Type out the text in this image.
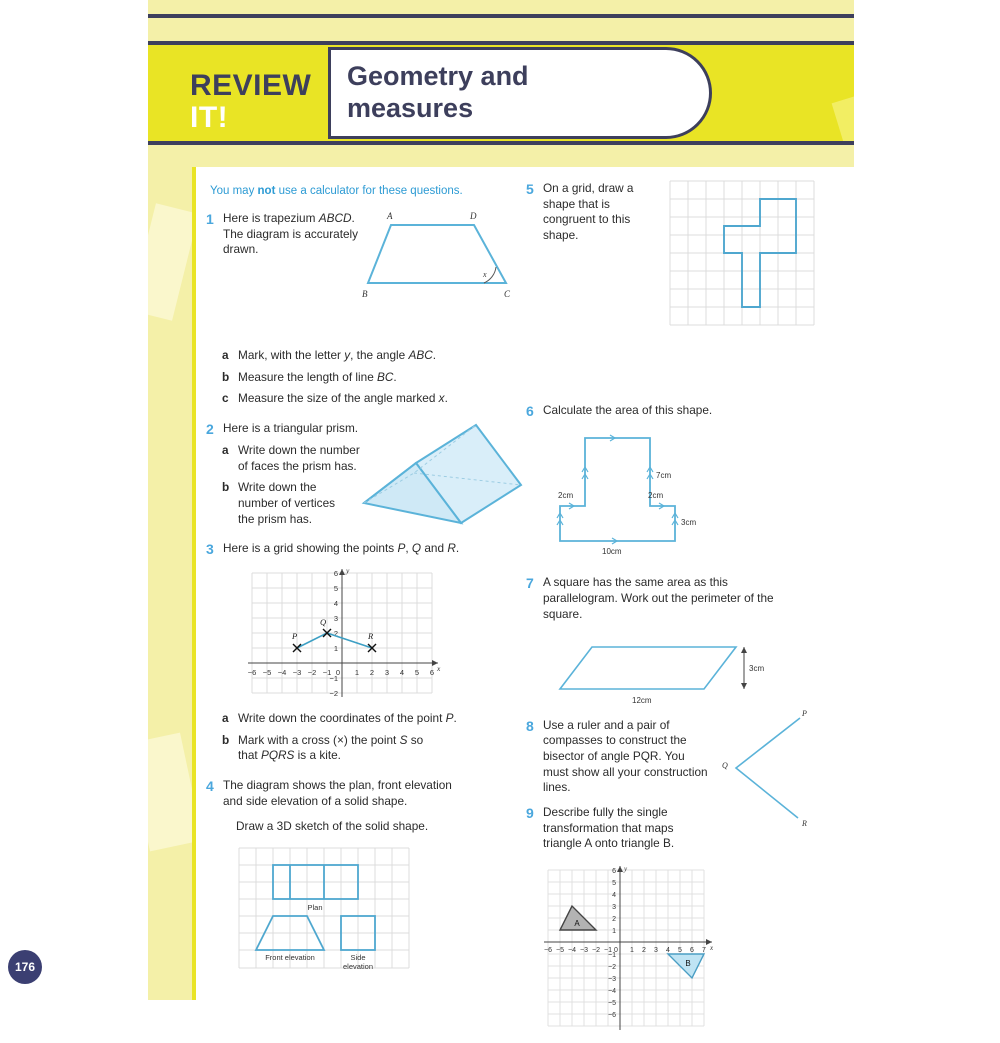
REVIEW
IT!
Geometry and
measures
You may not use a calculator for these questions.
1 Here is trapezium ABCD. The diagram is accurately drawn.
A	D
B	C
x
a Mark, with the letter y, the angle ABC.
b Measure the length of line BC.
c Measure the size of the angle marked x.
2 Here is a triangular prism.
a Write down the number of faces the prism has.
b Write down the number of vertices the prism has.
3 Here is a grid showing the points P, Q and R.
−6 −5 −4 −3 −2 −1 0 1 2 3 4 5 6
6
5
4
3
2
1
−1
−2
x
y
P
Q
R
a Write down the coordinates of the point P.
b Mark with a cross (×) the point S so that PQRS is a kite.
4 The diagram shows the plan, front elevation and side elevation of a solid shape.
Draw a 3D sketch of the solid shape.
Plan
Front elevation	Side
elevation
5 On a grid, draw a shape that is congruent to this shape.
6 Calculate the area of this shape.
7cm
2cm	2cm
3cm
10cm
7 A square has the same area as this parallelogram. Work out the perimeter of the square.
3cm
12cm
8 Use a ruler and a pair of compasses to construct the bisector of angle PQR. You must show all your construction lines.
P
Q
R
9 Describe fully the single transformation that maps triangle A onto triangle B.
−6 −5 −4 −3 −2 −1 0 1 2 3 4 5 6 7
6
5
4
3
2
1
−1
−2
−3
−4
−5
−6
x
y
A
B
176
